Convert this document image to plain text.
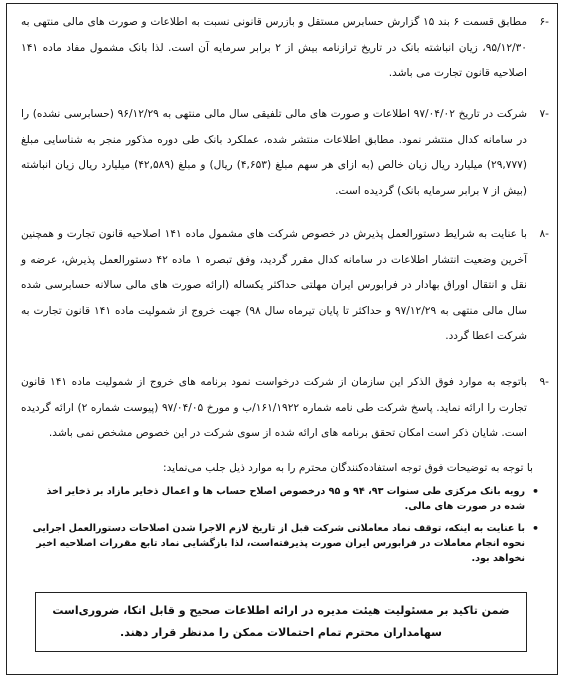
۶-
مطابق قسمت ۶ بند ۱۵ گزارش حسابرس مستقل و بازرس قانونی نسبت به اطلاعات و صورت های مالی منتهی به ۹۵/۱۲/۳۰، زیان انباشته بانک در تاریخ ترازنامه بیش از ۲ برابر سرمایه آن است. لذا بانک مشمول مفاد ماده ۱۴۱ اصلاحیه قانون تجارت می باشد.
۷-
شرکت در تاریخ ۹۷/۰۴/۰۲ اطلاعات و صورت های مالی تلفیقی سال مالی منتهی به ۹۶/۱۲/۲۹ (حسابرسی نشده) را در سامانه کدال منتشر نمود. مطابق اطلاعات منتشر شده، عملکرد بانک طی دوره مذکور منجر به شناسایی مبلغ (۲۹,۷۷۷) میلیارد ریال زیان خالص (به ازای هر سهم مبلغ (۴,۶۵۳) ریال) و مبلغ (۴۲,۵۸۹) میلیارد ریال زیان انباشته (بیش از ۷ برابر سرمایه بانک) گردیده است.
۸-
با عنایت به شرایط دستورالعمل پذیرش در خصوص شرکت های مشمول ماده ۱۴۱ اصلاحیه قانون تجارت و همچنین آخرین وضعیت انتشار اطلاعات در سامانه کدال مقرر گردید، وفق تبصره ۱ ماده ۴۲ دستورالعمل پذیرش، عرضه و نقل و انتقال اوراق بهادار در فرابورس ایران مهلتی حداکثر یکساله (ارائه صورت های مالی سالانه حسابرسی شده سال مالی منتهی به ۹۷/۱۲/۲۹ و حداکثر تا پایان تیرماه سال ۹۸) جهت خروج از شمولیت ماده ۱۴۱ قانون تجارت به شرکت اعطا گردد.
۹-
باتوجه به موارد فوق الذکر این سازمان از شرکت درخواست نمود برنامه های خروج از شمولیت ماده ۱۴۱ قانون تجارت را ارائه نماید. پاسخ شرکت طی نامه شماره ۱۶۱/۱۹۲۲/ب و مورخ ۹۷/۰۴/۰۵ (پیوست شماره ۲) ارائه گردیده است. شایان ذکر است امکان تحقق برنامه های ارائه شده از سوی شرکت در این خصوص مشخص نمی باشد.
با توجه به توضیحات فوق توجه استفاده‌کنندگان محترم را به موارد ذیل جلب می‌نماید:
•
رویه بانک مرکزی طی سنوات ۹۳، ۹۴ و ۹۵ درخصوص اصلاح حساب ها و اعمال ذخایر مازاد بر ذخایر اخذ شده در صورت های مالی.
•
با عنایت به اینکه، توقف نماد معاملاتی شرکت قبل از تاریخ لازم الاجرا شدن اصلاحات دستورالعمل اجرایی نحوه انجام معاملات در فرابورس ایران صورت پذیرفته‌است، لذا بازگشایی نماد تابع مقررات اصلاحیه اخیر نخواهد بود.
ضمن تاکید بر مسئولیت هیئت مدیره در ارائه اطلاعات صحیح و قابل اتکا، ضروری‌است سهامداران محترم تمام احتمالات ممکن را مدنظر قرار دهند.
